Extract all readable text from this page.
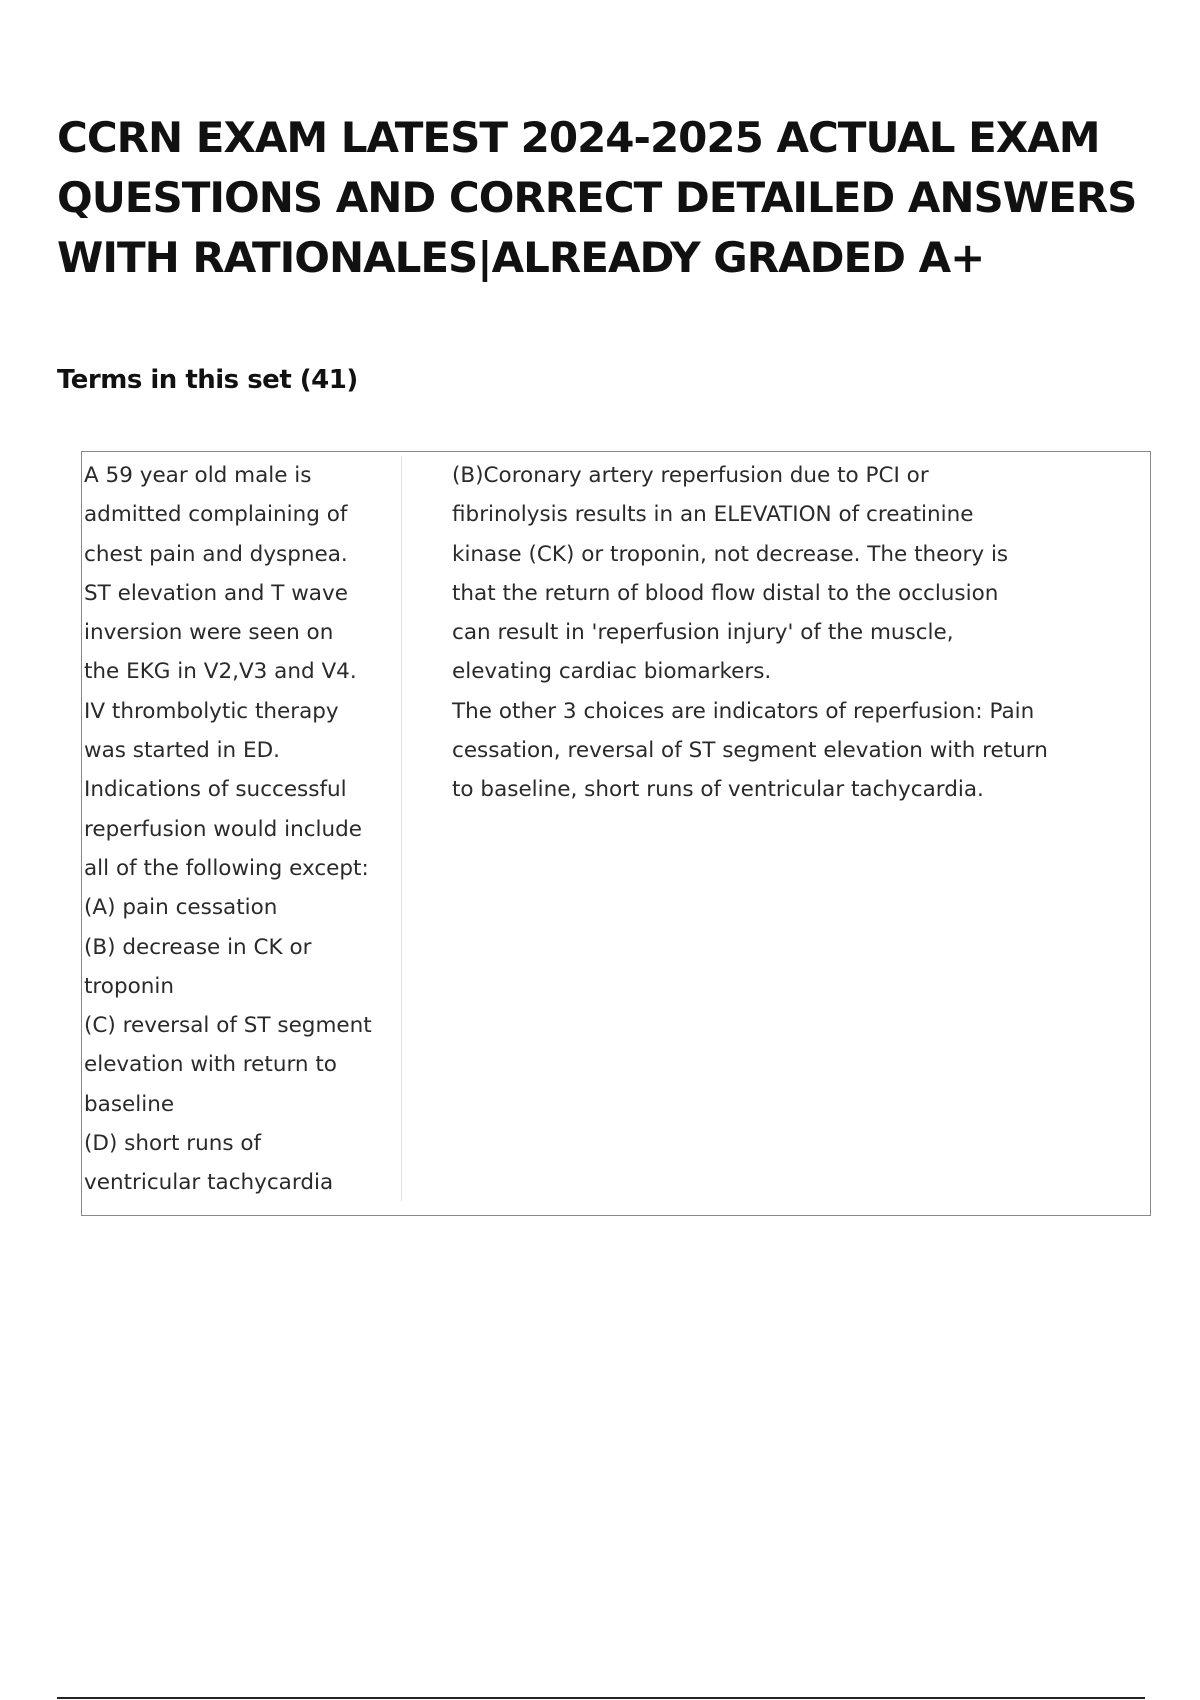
CCRN EXAM LATEST 2024-2025 ACTUAL EXAM
QUESTIONS AND CORRECT DETAILED ANSWERS
WITH RATIONALES|ALREADY GRADED A+
Terms in this set (41)
A 59 year old male is
admitted complaining of
chest pain and dyspnea.
ST elevation and T wave
inversion were seen on
the EKG in V2,V3 and V4.
IV thrombolytic therapy
was started in ED.
Indications of successful
reperfusion would include
all of the following except:
(A) pain cessation
(B) decrease in CK or
troponin
(C) reversal of ST segment
elevation with return to
baseline
(D) short runs of
ventricular tachycardia
(B)Coronary artery reperfusion due to PCI or
fibrinolysis results in an ELEVATION of creatinine
kinase (CK) or troponin, not decrease. The theory is
that the return of blood flow distal to the occlusion
can result in 'reperfusion injury' of the muscle,
elevating cardiac biomarkers.
The other 3 choices are indicators of reperfusion: Pain
cessation, reversal of ST segment elevation with return
to baseline, short runs of ventricular tachycardia.
